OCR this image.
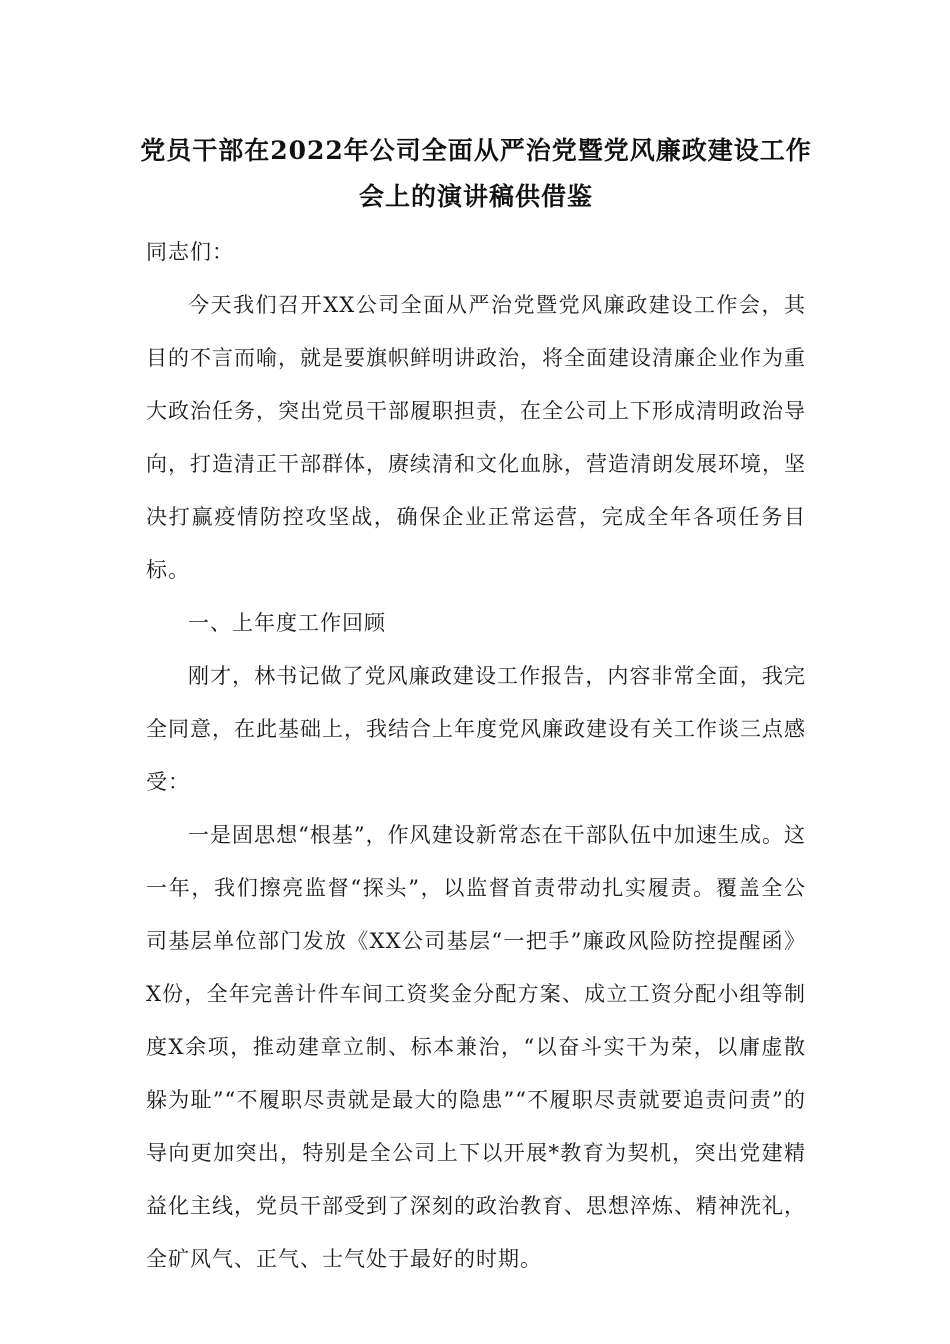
党员干部在2022年公司全面从严治党暨党风廉政建设工作

会上的演讲稿供借鉴

同志们：

今天我们召开XX公司全面从严治党暨党风廉政建设工作会，其目的不言而喻，就是要旗帜鲜明讲政治，将全面建设清廉企业作为重大政治任务，突出党员干部履职担责，在全公司上下形成清明政治导向，打造清正干部群体，赓续清和文化血脉，营造清朗发展环境，坚决打赢疫情防控攻坚战，确保企业正常运营，完成全年各项任务目标。

一、上年度工作回顾

刚才，林书记做了党风廉政建设工作报告，内容非常全面，我完全同意，在此基础上，我结合上年度党风廉政建设有关工作谈三点感受：

一是固思想“根基”，作风建设新常态在干部队伍中加速生成。这一年，我们擦亮监督“探头”，以监督首责带动扎实履责。覆盖全公司基层单位部门发放《XX公司基层“一把手”廉政风险防控提醒函》X份，全年完善计件车间工资奖金分配方案、成立工资分配小组等制度X余项，推动建章立制、标本兼治，“以奋斗实干为荣，以庸虚散躲为耻”“不履职尽责就是最大的隐患”“不履职尽责就要追责问责”的导向更加突出，特别是全公司上下以开展*教育为契机，突出党建精益化主线，党员干部受到了深刻的政治教育、思想淬炼、精神洗礼，全矿风气、正气、士气处于最好的时期。
